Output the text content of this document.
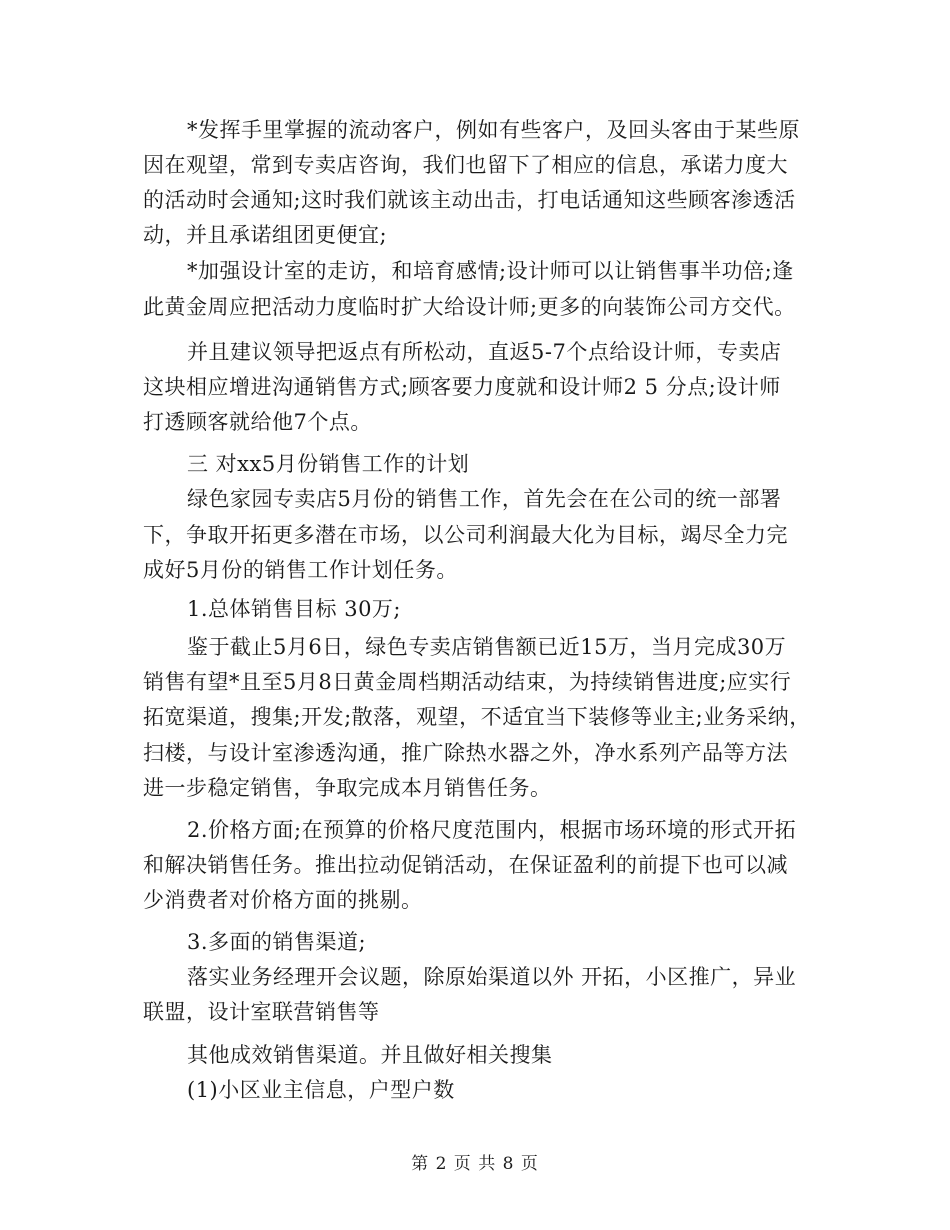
*发挥手里掌握的流动客户，例如有些客户，及回头客由于某些原
因在观望，常到专卖店咨询，我们也留下了相应的信息，承诺力度大
的活动时会通知;这时我们就该主动出击，打电话通知这些顾客渗透活
动，并且承诺组团更便宜;
*加强设计室的走访，和培育感情;设计师可以让销售事半功倍;逢
此黄金周应把活动力度临时扩大给设计师;更多的向装饰公司方交代。
并且建议领导把返点有所松动，直返5-7个点给设计师，专卖店
这块相应增进沟通销售方式;顾客要力度就和设计师2 5 分点;设计师
打透顾客就给他7个点。
三 对xx5月份销售工作的计划
绿色家园专卖店5月份的销售工作，首先会在在公司的统一部署
下，争取开拓更多潜在市场，以公司利润最大化为目标，竭尽全力完
成好5月份的销售工作计划任务。
1.总体销售目标 30万;
鉴于截止5月6日，绿色专卖店销售额已近15万，当月完成30万
销售有望*且至5月8日黄金周档期活动结束，为持续销售进度;应实行
拓宽渠道，搜集;开发;散落，观望，不适宜当下装修等业主;业务采纳，
扫楼，与设计室渗透沟通，推广除热水器之外，净水系列产品等方法
进一步稳定销售，争取完成本月销售任务。
2.价格方面;在预算的价格尺度范围内，根据市场环境的形式开拓
和解决销售任务。推出拉动促销活动，在保证盈利的前提下也可以减
少消费者对价格方面的挑剔。
3.多面的销售渠道;
落实业务经理开会议题，除原始渠道以外 开拓，小区推广，异业
联盟，设计室联营销售等
其他成效销售渠道。并且做好相关搜集
(1)小区业主信息，户型户数
第 2 页 共 8 页
